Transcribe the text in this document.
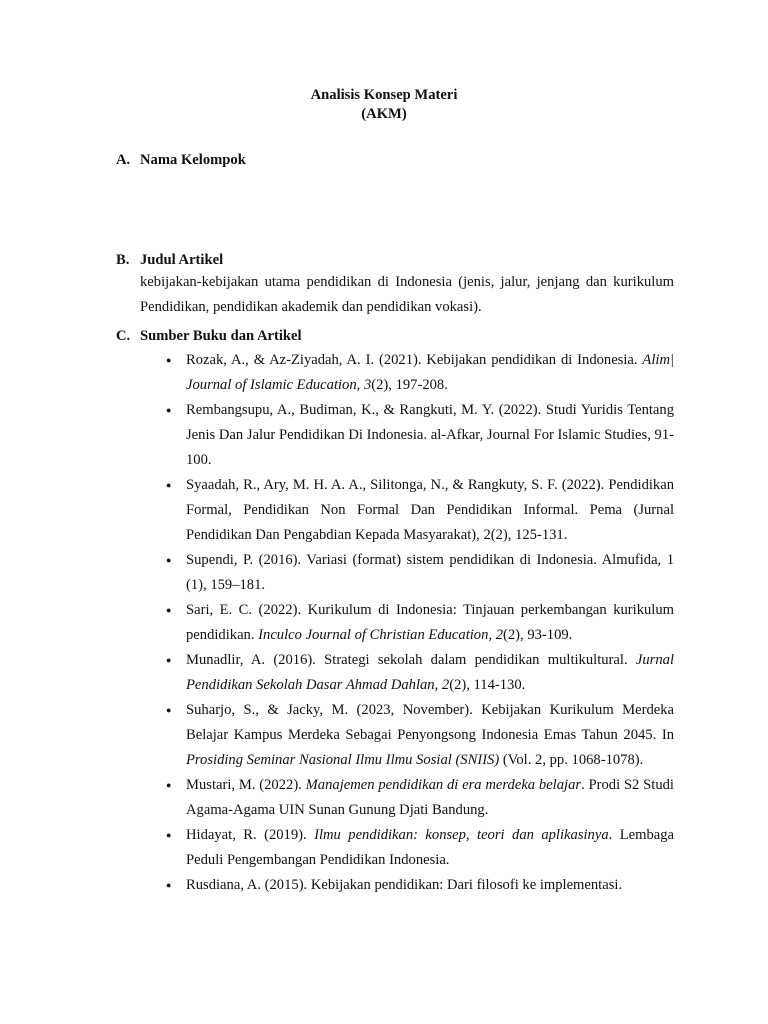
Analisis Konsep Materi
(AKM)
A. Nama Kelompok
B. Judul Artikel
kebijakan-kebijakan utama pendidikan di Indonesia (jenis, jalur, jenjang dan kurikulum Pendidikan, pendidikan akademik dan pendidikan vokasi).
C. Sumber Buku dan Artikel
● Rozak, A., & Az-Ziyadah, A. I. (2021). Kebijakan pendidikan di Indonesia. Alim| Journal of Islamic Education, 3(2), 197-208.
● Rembangsupu, A., Budiman, K., & Rangkuti, M. Y. (2022). Studi Yuridis Tentang Jenis Dan Jalur Pendidikan Di Indonesia. al-Afkar, Journal For Islamic Studies, 91-100.
● Syaadah, R., Ary, M. H. A. A., Silitonga, N., & Rangkuty, S. F. (2022). Pendidikan Formal, Pendidikan Non Formal Dan Pendidikan Informal. Pema (Jurnal Pendidikan Dan Pengabdian Kepada Masyarakat), 2(2), 125-131.
● Supendi, P. (2016). Variasi (format) sistem pendidikan di Indonesia. Almufida, 1 (1), 159–181.
● Sari, E. C. (2022). Kurikulum di Indonesia: Tinjauan perkembangan kurikulum pendidikan. Inculco Journal of Christian Education, 2(2), 93-109.
● Munadlir, A. (2016). Strategi sekolah dalam pendidikan multikultural. Jurnal Pendidikan Sekolah Dasar Ahmad Dahlan, 2(2), 114-130.
● Suharjo, S., & Jacky, M. (2023, November). Kebijakan Kurikulum Merdeka Belajar Kampus Merdeka Sebagai Penyongsong Indonesia Emas Tahun 2045. In Prosiding Seminar Nasional Ilmu Ilmu Sosial (SNIIS) (Vol. 2, pp. 1068-1078).
● Mustari, M. (2022). Manajemen pendidikan di era merdeka belajar. Prodi S2 Studi Agama-Agama UIN Sunan Gunung Djati Bandung.
● Hidayat, R. (2019). Ilmu pendidikan: konsep, teori dan aplikasinya. Lembaga Peduli Pengembangan Pendidikan Indonesia.
● Rusdiana, A. (2015). Kebijakan pendidikan: Dari filosofi ke implementasi.
